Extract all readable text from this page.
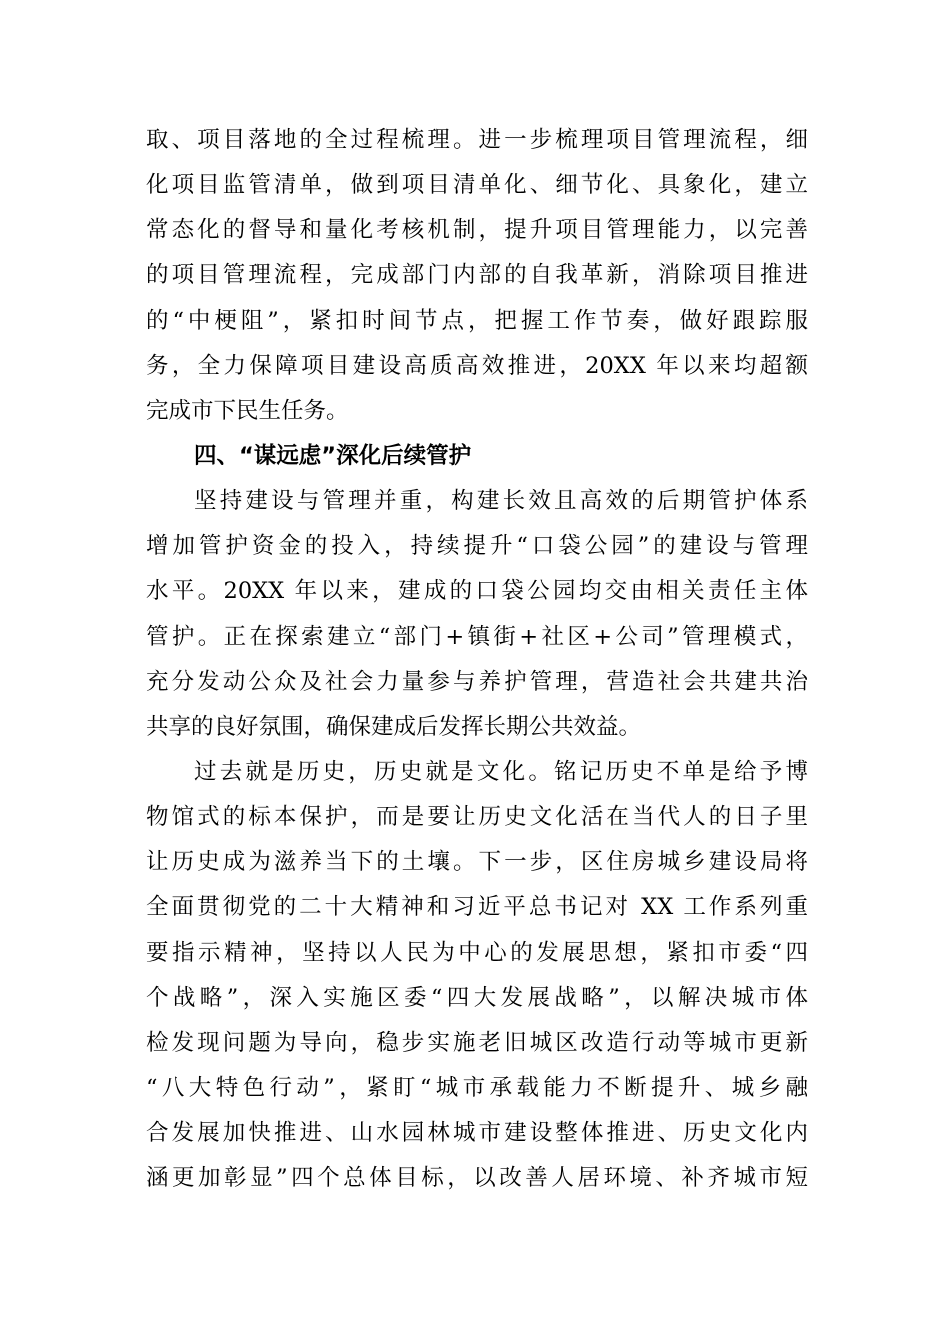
取、项目落地的全过程梳理。进一步梳理项目管理流程，细
化项目监管清单，做到项目清单化、细节化、具象化，建立
常态化的督导和量化考核机制，提升项目管理能力，以完善
的项目管理流程，完成部门内部的自我革新，消除项目推进
的“中梗阻”，紧扣时间节点，把握工作节奏，做好跟踪服
务，全力保障项目建设高质高效推进，20XX 年以来均超额
完成市下民生任务。
四、“谋远虑”深化后续管护
坚持建设与管理并重，构建长效且高效的后期管护体系
增加管护资金的投入，持续提升“口袋公园”的建设与管理
水平。20XX 年以来，建成的口袋公园均交由相关责任主体
管护。正在探索建立“部门+镇街+社区+公司”管理模式，
充分发动公众及社会力量参与养护管理，营造社会共建共治
共享的良好氛围，确保建成后发挥长期公共效益。
过去就是历史，历史就是文化。铭记历史不单是给予博
物馆式的标本保护，而是要让历史文化活在当代人的日子里
让历史成为滋养当下的土壤。下一步，区住房城乡建设局将
全面贯彻党的二十大精神和习近平总书记对 XX 工作系列重
要指示精神，坚持以人民为中心的发展思想，紧扣市委“四
个战略”，深入实施区委“四大发展战略”，以解决城市体
检发现问题为导向，稳步实施老旧城区改造行动等城市更新
“八大特色行动”，紧盯“城市承载能力不断提升、城乡融
合发展加快推进、山水园林城市建设整体推进、历史文化内
涵更加彰显”四个总体目标，以改善人居环境、补齐城市短
